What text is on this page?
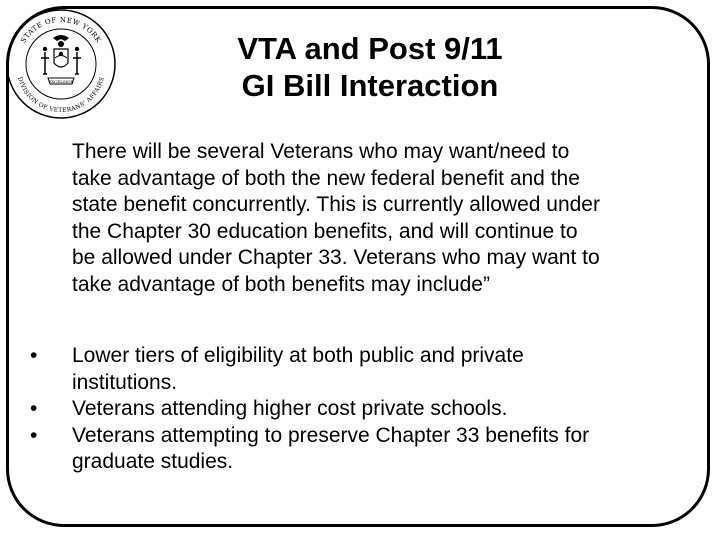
STATE OF NEW YORK
DIVISION OF VETERANS' AFFAIRS
EXCELSIOR
VTA and Post 9/11
GI Bill Interaction
There will be several Veterans who may want/need to
take advantage of both the new federal benefit and the
state benefit concurrently. This is currently allowed under
the Chapter 30 education benefits, and will continue to
be allowed under Chapter 33. Veterans who may want to
take advantage of both benefits may include”
• Lower tiers of eligibility at both public and private
institutions.
• Veterans attending higher cost private schools.
• Veterans attempting to preserve Chapter 33 benefits for
graduate studies.
